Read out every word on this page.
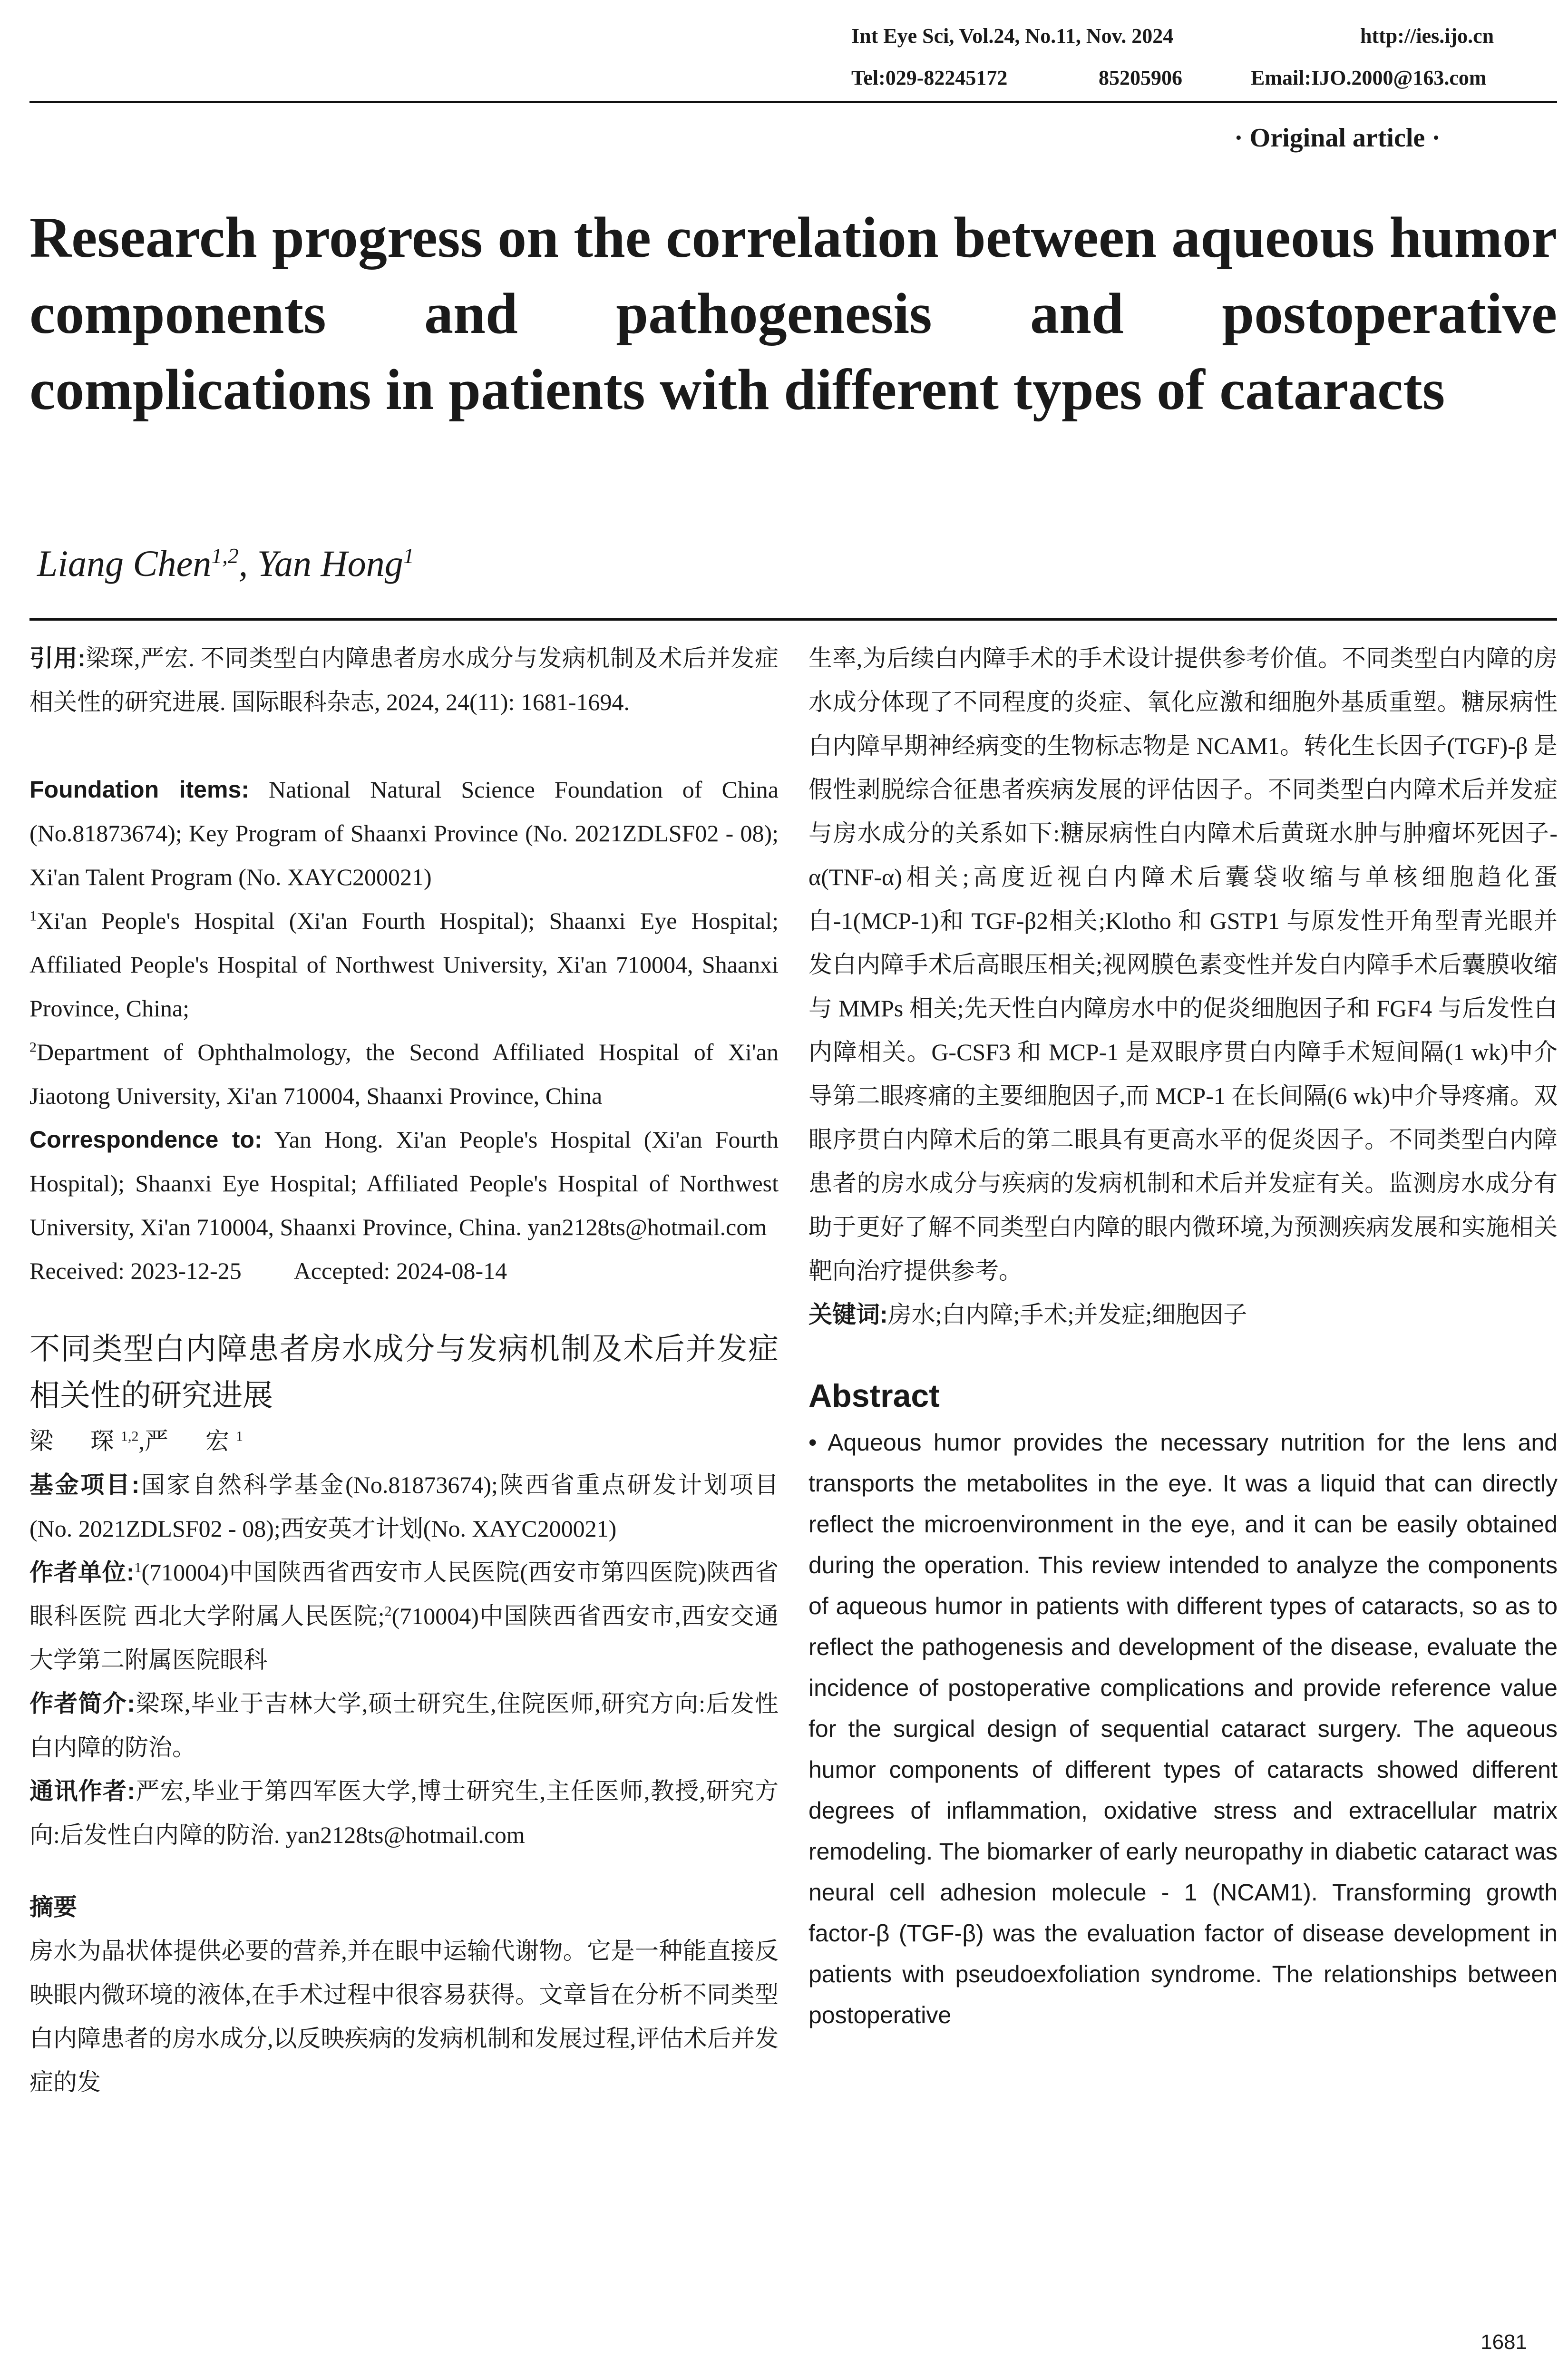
Int Eye Sci, Vol.24, No.11, Nov. 2024	http://ies.ijo.cn
Tel:029-82245172	85205906	Email:IJO.2000@163.com
· Original article ·
Research progress on the correlation between aqueous humor components and pathogenesis and postoperative complications in patients with different types of cataracts
Liang Chen$^{1,2}$, Yan Hong$^1$

引用:梁琛,严宏. 不同类型白内障患者房水成分与发病机制及术后并发症相关性的研究进展. 国际眼科杂志, 2024, 24(11): 1681-1694.

Foundation items: National Natural Science Foundation of China (No.81873674); Key Program of Shaanxi Province (No. 2021ZDLSF02 - 08); Xi'an Talent Program (No. XAYC200021)

$^1$Xi'an People's Hospital (Xi'an Fourth Hospital); Shaanxi Eye Hospital; Affiliated People's Hospital of Northwest University, Xi'an 710004, Shaanxi Province, China;

$^2$Department of Ophthalmology, the Second Affiliated Hospital of Xi'an Jiaotong University, Xi'an 710004, Shaanxi Province, China

Correspondence to: Yan Hong. Xi'an People's Hospital (Xi'an Fourth Hospital); Shaanxi Eye Hospital; Affiliated People's Hospital of Northwest University, Xi'an 710004, Shaanxi Province, China. yan2128ts@hotmail.com

Received: 2023-12-25 Accepted: 2024-08-14

不同类型白内障患者房水成分与发病机制及术后并发症相关性的研究进展

梁　琛$^{1,2}$,严　宏$^1$

基金项目:国家自然科学基金(No.81873674);陕西省重点研发计划项目(No. 2021ZDLSF02 - 08);西安英才计划(No. XAYC200021)

作者单位:$^1$(710004)中国陕西省西安市人民医院(西安市第四医院)陕西省眼科医院 西北大学附属人民医院;$^2$(710004)中国陕西省西安市,西安交通大学第二附属医院眼科

作者简介:梁琛,毕业于吉林大学,硕士研究生,住院医师,研究方向:后发性白内障的防治。

通讯作者:严宏,毕业于第四军医大学,博士研究生,主任医师,教授,研究方向:后发性白内障的防治. yan2128ts@hotmail.com

摘要

房水为晶状体提供必要的营养,并在眼中运输代谢物。它是一种能直接反映眼内微环境的液体,在手术过程中很容易获得。文章旨在分析不同类型白内障患者的房水成分,以反映疾病的发病机制和发展过程,评估术后并发症的发

生率,为后续白内障手术的手术设计提供参考价值。不同类型白内障的房水成分体现了不同程度的炎症、氧化应激和细胞外基质重塑。糖尿病性白内障早期神经病变的生物标志物是 NCAM1。转化生长因子(TGF)-β 是假性剥脱综合征患者疾病发展的评估因子。不同类型白内障术后并发症与房水成分的关系如下:糖尿病性白内障术后黄斑水肿与肿瘤坏死因子-α(TNF-α)相关;高度近视白内障术后囊袋收缩与单核细胞趋化蛋白-1(MCP-1)和 TGF-β2相关;Klotho 和 GSTP1 与原发性开角型青光眼并发白内障手术后高眼压相关;视网膜色素变性并发白内障手术后囊膜收缩与 MMPs 相关;先天性白内障房水中的促炎细胞因子和 FGF4 与后发性白内障相关。G-CSF3 和 MCP-1 是双眼序贯白内障手术短间隔(1 wk)中介导第二眼疼痛的主要细胞因子,而 MCP-1 在长间隔(6 wk)中介导疼痛。双眼序贯白内障术后的第二眼具有更高水平的促炎因子。不同类型白内障患者的房水成分与疾病的发病机制和术后并发症有关。监测房水成分有助于更好了解不同类型白内障的眼内微环境,为预测疾病发展和实施相关靶向治疗提供参考。

关键词:房水;白内障;手术;并发症;细胞因子

Abstract

• Aqueous humor provides the necessary nutrition for the lens and transports the metabolites in the eye. It was a liquid that can directly reflect the microenvironment in the eye, and it can be easily obtained during the operation. This review intended to analyze the components of aqueous humor in patients with different types of cataracts, so as to reflect the pathogenesis and development of the disease, evaluate the incidence of postoperative complications and provide reference value for the surgical design of sequential cataract surgery. The aqueous humor components of different types of cataracts showed different degrees of inflammation, oxidative stress and extracellular matrix remodeling. The biomarker of early neuropathy in diabetic cataract was neural cell adhesion molecule - 1 (NCAM1). Transforming growth factor-β (TGF-β) was the evaluation factor of disease development in patients with pseudoexfoliation syndrome. The relationships between postoperative

1681
